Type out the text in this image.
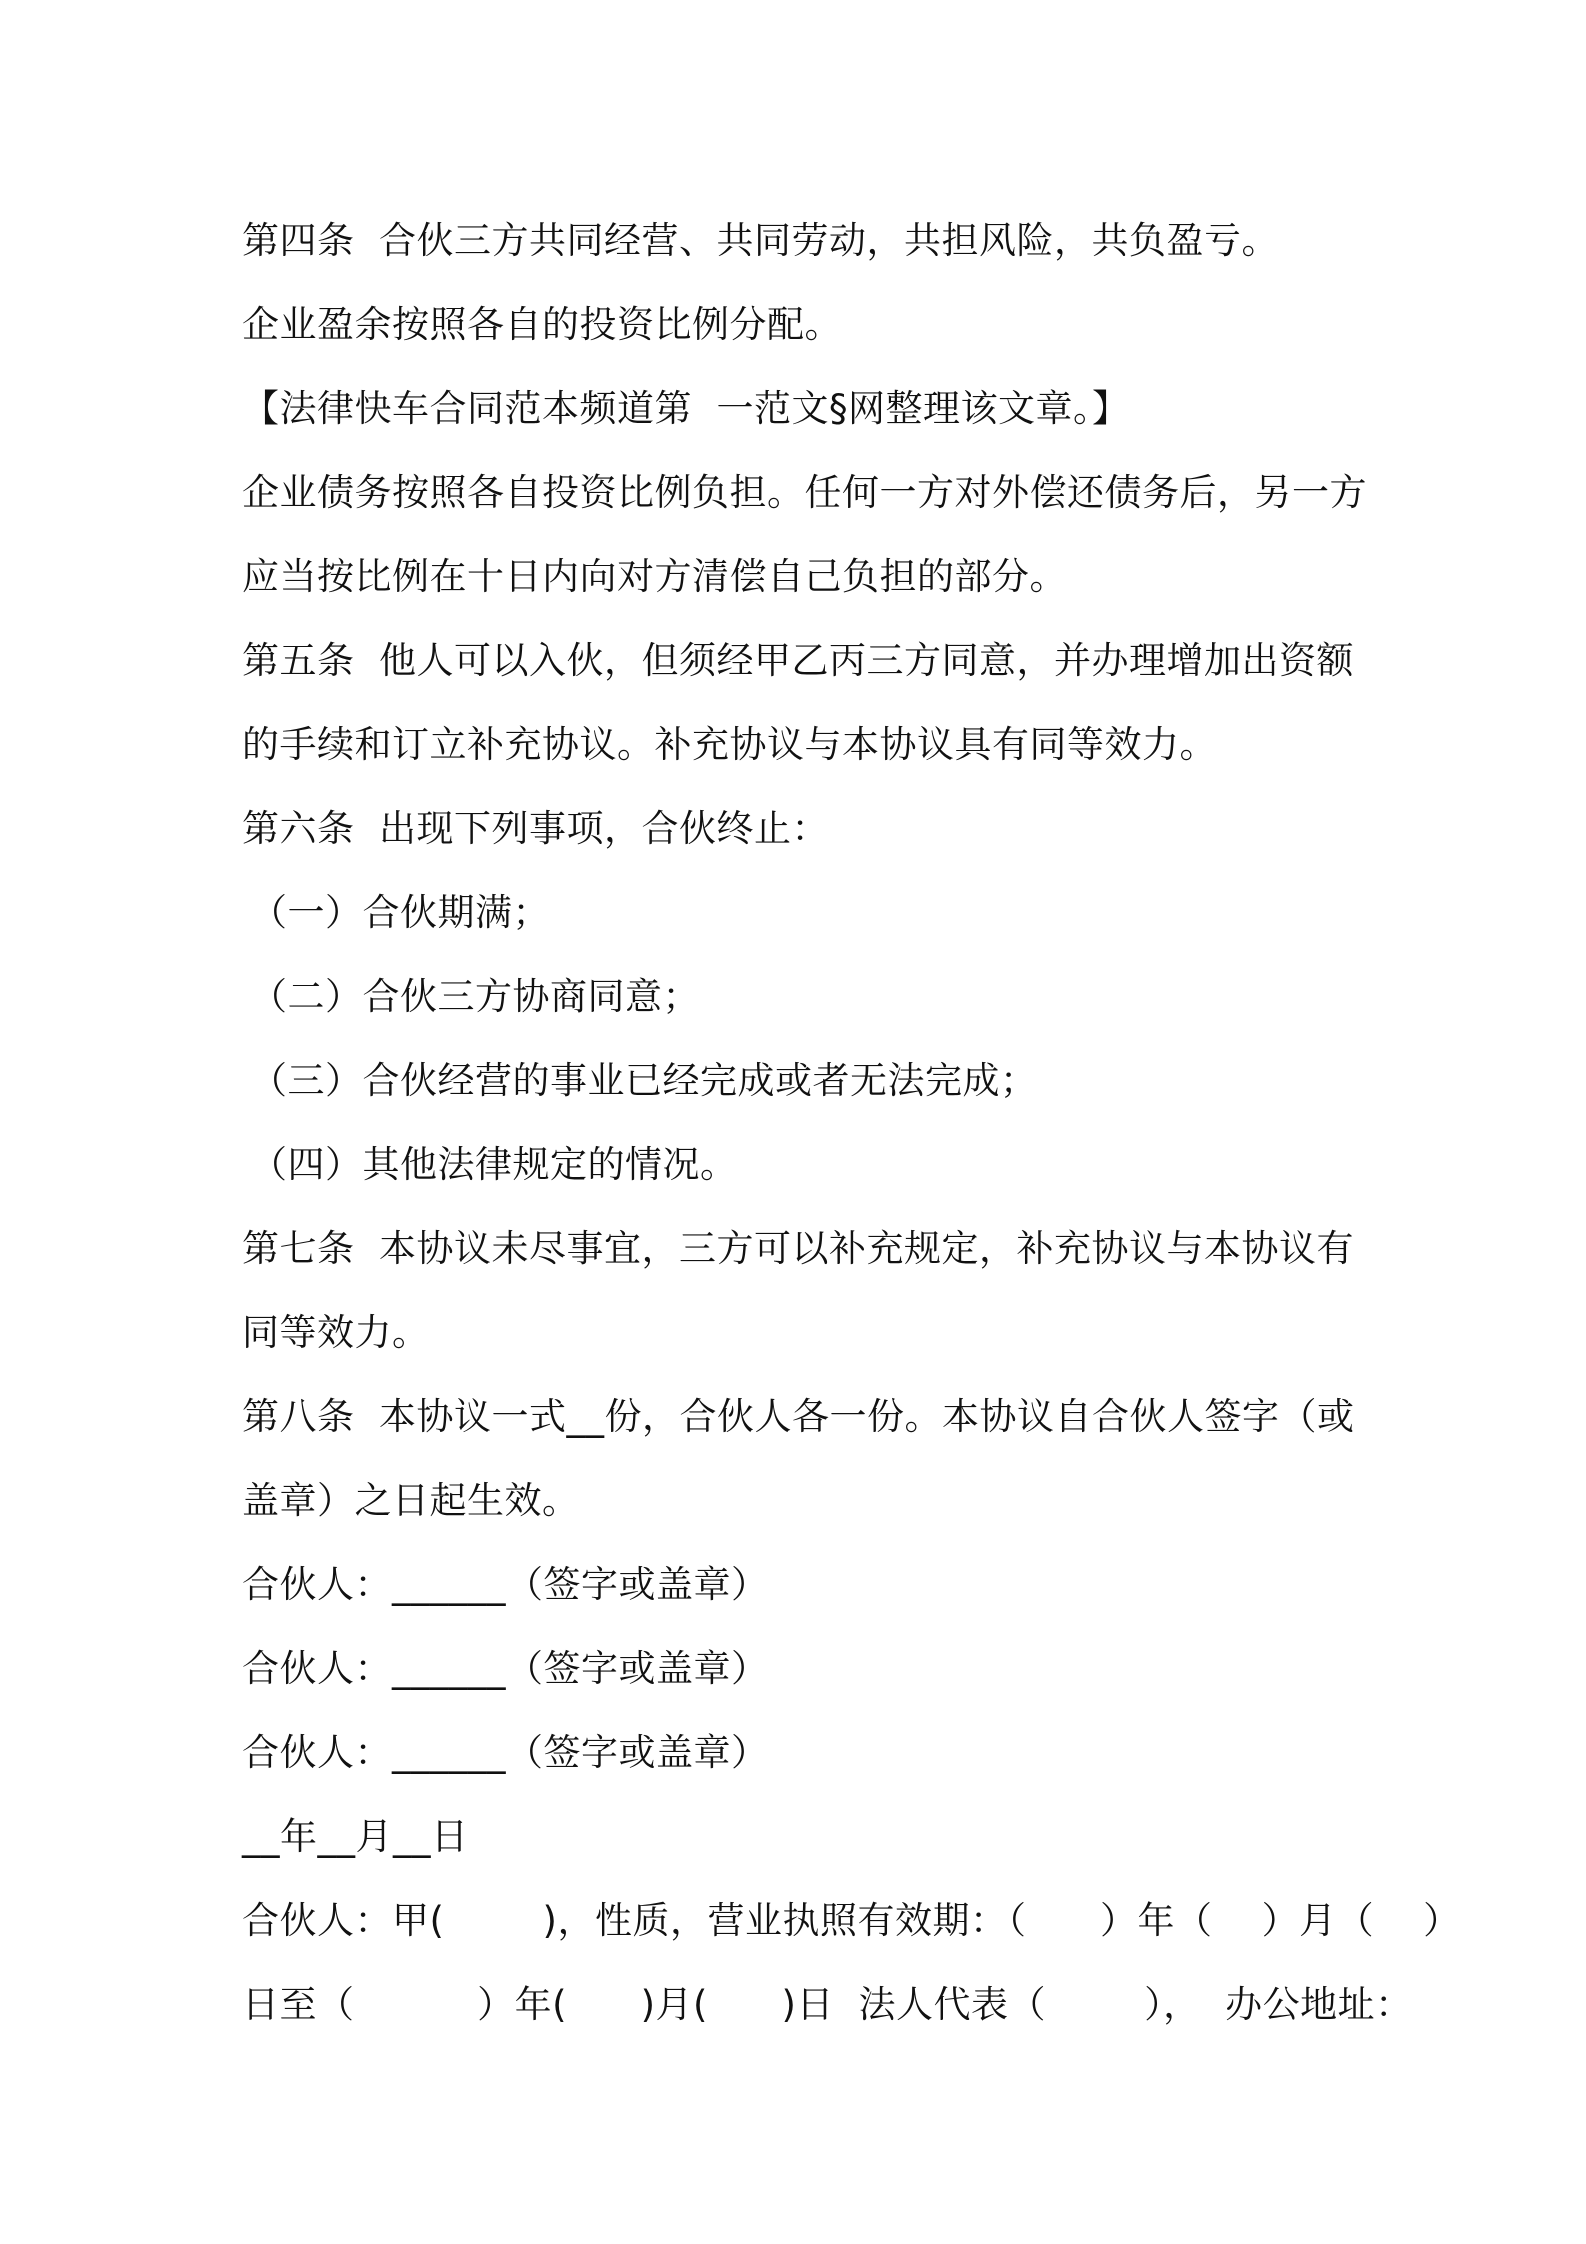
第四条  合伙三方共同经营、共同劳动，共担风险，共负盈亏。
企业盈余按照各自的投资比例分配。
【法律快车合同范本频道第  一范文§网整理该文章。】
企业债务按照各自投资比例负担。任何一方对外偿还债务后，另一方
应当按比例在十日内向对方清偿自己负担的部分。
第五条  他人可以入伙，但须经甲乙丙三方同意，并办理增加出资额
的手续和订立补充协议。补充协议与本协议具有同等效力。
第六条  出现下列事项，合伙终止：
（一）合伙期满；
（二）合伙三方协商同意；
（三）合伙经营的事业已经完成或者无法完成；
（四）其他法律规定的情况。
第七条  本协议未尽事宜，三方可以补充规定，补充协议与本协议有
同等效力。
第八条  本协议一式__份，合伙人各一份。本协议自合伙人签字（或
盖章）之日起生效。
合伙人：______（签字或盖章）
合伙人：______（签字或盖章）
合伙人：______（签字或盖章）
__年__月__日
合伙人：甲(        )，性质，营业执照有效期：（      ）年（    ）月（    ）
日至（          ）年(      )月(      )日  法人代表（        ），  办公地址：
